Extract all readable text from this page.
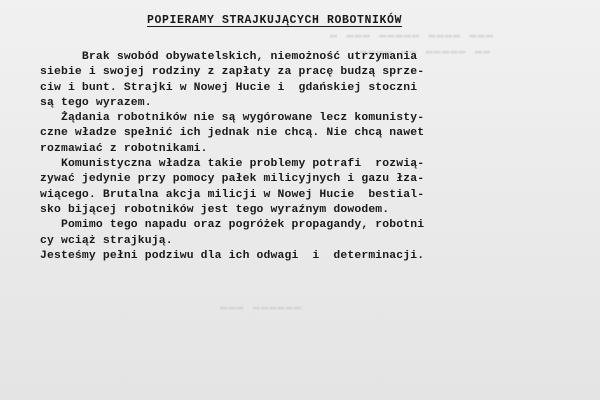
▬ ▬▬▬ ▬▬▬▬▬ ▬▬▬▬ ▬▬▬
▬▬▬▬ ▬▬ ▬▬▬▬▬ ▬▬
▬▬▬ ▬▬▬▬▬▬
POPIERAMY STRAJKUJĄCYCH ROBOTNIKÓW
Brak swobód obywatelskich, niemożność utrzymania
siebie i swojej rodziny z zapłaty za pracę budzą sprze-
ciw i bunt. Strajki w Nowej Hucie i  gdańskiej stoczni
są tego wyrazem.
Żądania robotników nie są wygórowane lecz komunisty-
czne władze spełnić ich jednak nie chcą. Nie chcą nawet
rozmawiać z robotnikami.
Komunistyczna władza takie problemy potrafi  rozwią-
zywać jedynie przy pomocy pałek milicyjnych i gazu łza-
wiącego. Brutalna akcja milicji w Nowej Hucie  bestial-
sko bijącej robotników jest tego wyraźnym dowodem.
Pomimo tego napadu oraz pogróżek propagandy, robotni
cy wciąż strajkują.
Jesteśmy pełni podziwu dla ich odwagi  i  determinacji.
